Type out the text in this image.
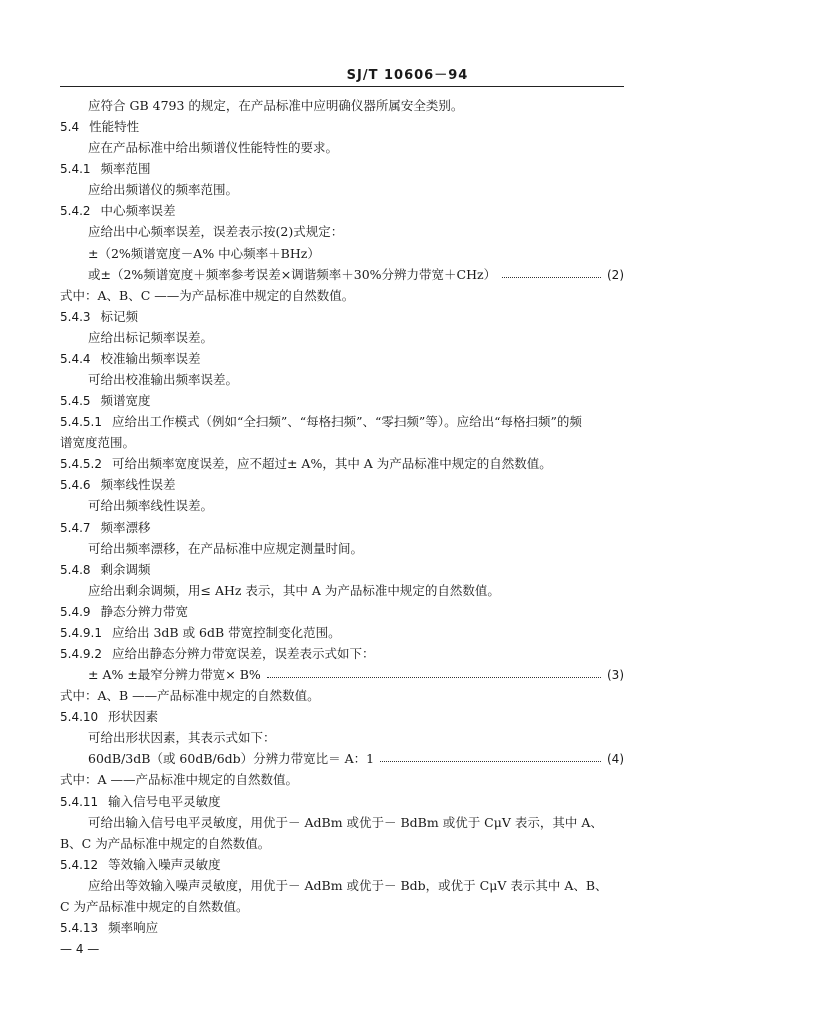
SJ/T 10606－94
应符合 GB 4793 的规定，在产品标准中应明确仪器所属安全类别。
5.4 性能特性
应在产品标准中给出频谱仪性能特性的要求。
5.4.1 频率范围
应给出频谱仪的频率范围。
5.4.2 中心频率误差
应给出中心频率误差，误差表示按(2)式规定：
±（2%频谱宽度－A% 中心频率＋BHz）
或±（2%频谱宽度＋频率参考误差×调谐频率＋30%分辨力带宽＋CHz）	(2)
式中：A、B、C ——为产品标准中规定的自然数值。
5.4.3 标记频
应给出标记频率误差。
5.4.4 校准输出频率误差
可给出校准输出频率误差。
5.4.5 频谱宽度
5.4.5.1 应给出工作模式（例如“全扫频”、“每格扫频”、“零扫频”等）。应给出“每格扫频”的频
谱宽度范围。
5.4.5.2 可给出频率宽度误差，应不超过± A%，其中 A 为产品标准中规定的自然数值。
5.4.6 频率线性误差
可给出频率线性误差。
5.4.7 频率漂移
可给出频率漂移，在产品标准中应规定测量时间。
5.4.8 剩余调频
应给出剩余调频，用≤ AHz 表示，其中 A 为产品标准中规定的自然数值。
5.4.9 静态分辨力带宽
5.4.9.1 应给出 3dB 或 6dB 带宽控制变化范围。
5.4.9.2 应给出静态分辨力带宽误差，误差表示式如下：
± A% ±最窄分辨力带宽× B%	(3)
式中：A、B ——产品标准中规定的自然数值。
5.4.10 形状因素
可给出形状因素，其表示式如下：
60dB/3dB（或 60dB/6db）分辨力带宽比＝ A：1	(4)
式中：A ——产品标准中规定的自然数值。
5.4.11 输入信号电平灵敏度
可给出输入信号电平灵敏度，用优于－ AdBm 或优于－ BdBm 或优于 CμV 表示，其中 A、
B、C 为产品标准中规定的自然数值。
5.4.12 等效输入噪声灵敏度
应给出等效输入噪声灵敏度，用优于－ AdBm 或优于－ Bdb，或优于 CμV 表示其中 A、B、
C 为产品标准中规定的自然数值。
5.4.13 频率响应
— 4 —
